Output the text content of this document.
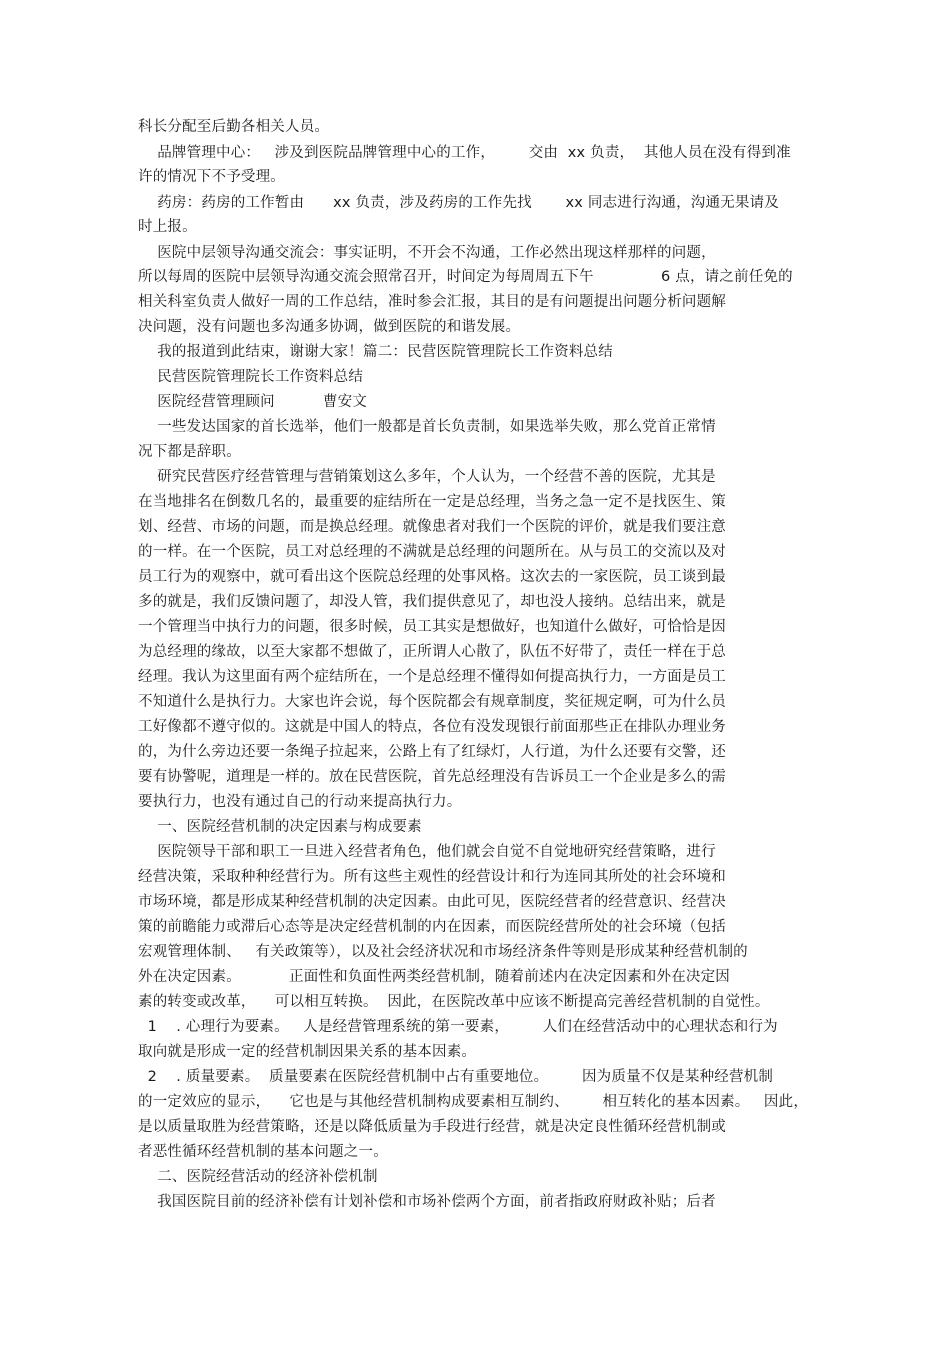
科长分配至后勤各相关人员。
品牌管理中心：   涉及到医院品牌管理中心的工作，       交由  xx 负责，  其他人员在没有得到准
许的情况下不予受理。
药房：药房的工作暂由      xx 负责，涉及药房的工作先找       xx 同志进行沟通，沟通无果请及
时上报。
医院中层领导沟通交流会：事实证明，不开会不沟通，工作必然出现这样那样的问题，
所以每周的医院中层领导沟通交流会照常召开，时间定为每周周五下午              6 点，请之前任免的
相关科室负责人做好一周的工作总结，准时参会汇报，其目的是有问题提出问题分析问题解
决问题，没有问题也多沟通多协调，做到医院的和谐发展。
我的报道到此结束，谢谢大家！篇二：民营医院管理院长工作资料总结
民营医院管理院长工作资料总结
医院经营管理顾问          曹安文
一些发达国家的首长选举，他们一般都是首长负责制，如果选举失败，那么党首正常情
况下都是辞职。
研究民营医疗经营管理与营销策划这么多年，个人认为，一个经营不善的医院，尤其是
在当地排名在倒数几名的，最重要的症结所在一定是总经理，当务之急一定不是找医生、策
划、经营、市场的问题，而是换总经理。就像患者对我们一个医院的评价，就是我们要注意
的一样。在一个医院，员工对总经理的不满就是总经理的问题所在。从与员工的交流以及对
员工行为的观察中，就可看出这个医院总经理的处事风格。这次去的一家医院，员工谈到最
多的就是，我们反馈问题了，却没人管，我们提供意见了，却也没人接纳。总结出来，就是
一个管理当中执行力的问题，很多时候，员工其实是想做好，也知道什么做好，可恰恰是因
为总经理的缘故，以至大家都不想做了，正所谓人心散了，队伍不好带了，责任一样在于总
经理。我认为这里面有两个症结所在，一个是总经理不懂得如何提高执行力，一方面是员工
不知道什么是执行力。大家也许会说，每个医院都会有规章制度，奖征规定啊，可为什么员
工好像都不遵守似的。这就是中国人的特点，各位有没发现银行前面那些正在排队办理业务
的，为什么旁边还要一条绳子拉起来，公路上有了红绿灯，人行道，为什么还要有交警，还
要有协警呢，道理是一样的。放在民营医院，首先总经理没有告诉员工一个企业是多么的需
要执行力，也没有通过自己的行动来提高执行力。
一、医院经营机制的决定因素与构成要素
医院领导干部和职工一旦进入经营者角色，他们就会自觉不自觉地研究经营策略，进行
经营决策，采取种种经营行为。所有这些主观性的经营设计和行为连同其所处的社会环境和
市场环境，都是形成某种经营机制的决定因素。由此可见，医院经营者的经营意识、经营决
策的前瞻能力或滞后心态等是决定经营机制的内在因素，而医院经营所处的社会环境（包括
宏观管理体制、   有关政策等），以及社会经济状况和市场经济条件等则是形成某种经营机制的
外在决定因素。          正面性和负面性两类经营机制，随着前述内在决定因素和外在决定因
素的转变或改革，    可以相互转换。  因此，在医院改革中应该不断提高完善经营机制的自觉性。
1    . 心理行为要素。   人是经营管理系统的第一要素，       人们在经营活动中的心理状态和行为
取向就是形成一定的经营机制因果关系的基本因素。
2    . 质量要素。  质量要素在医院经营机制中占有重要地位。       因为质量不仅是某种经营机制
的一定效应的显示，    它也是与其他经营机制构成要素相互制约、       相互转化的基本因素。   因此，
是以质量取胜为经营策略，还是以降低质量为手段进行经营，就是决定良性循环经营机制或
者恶性循环经营机制的基本问题之一。
二、医院经营活动的经济补偿机制
我国医院目前的经济补偿有计划补偿和市场补偿两个方面，前者指政府财政补贴；后者
